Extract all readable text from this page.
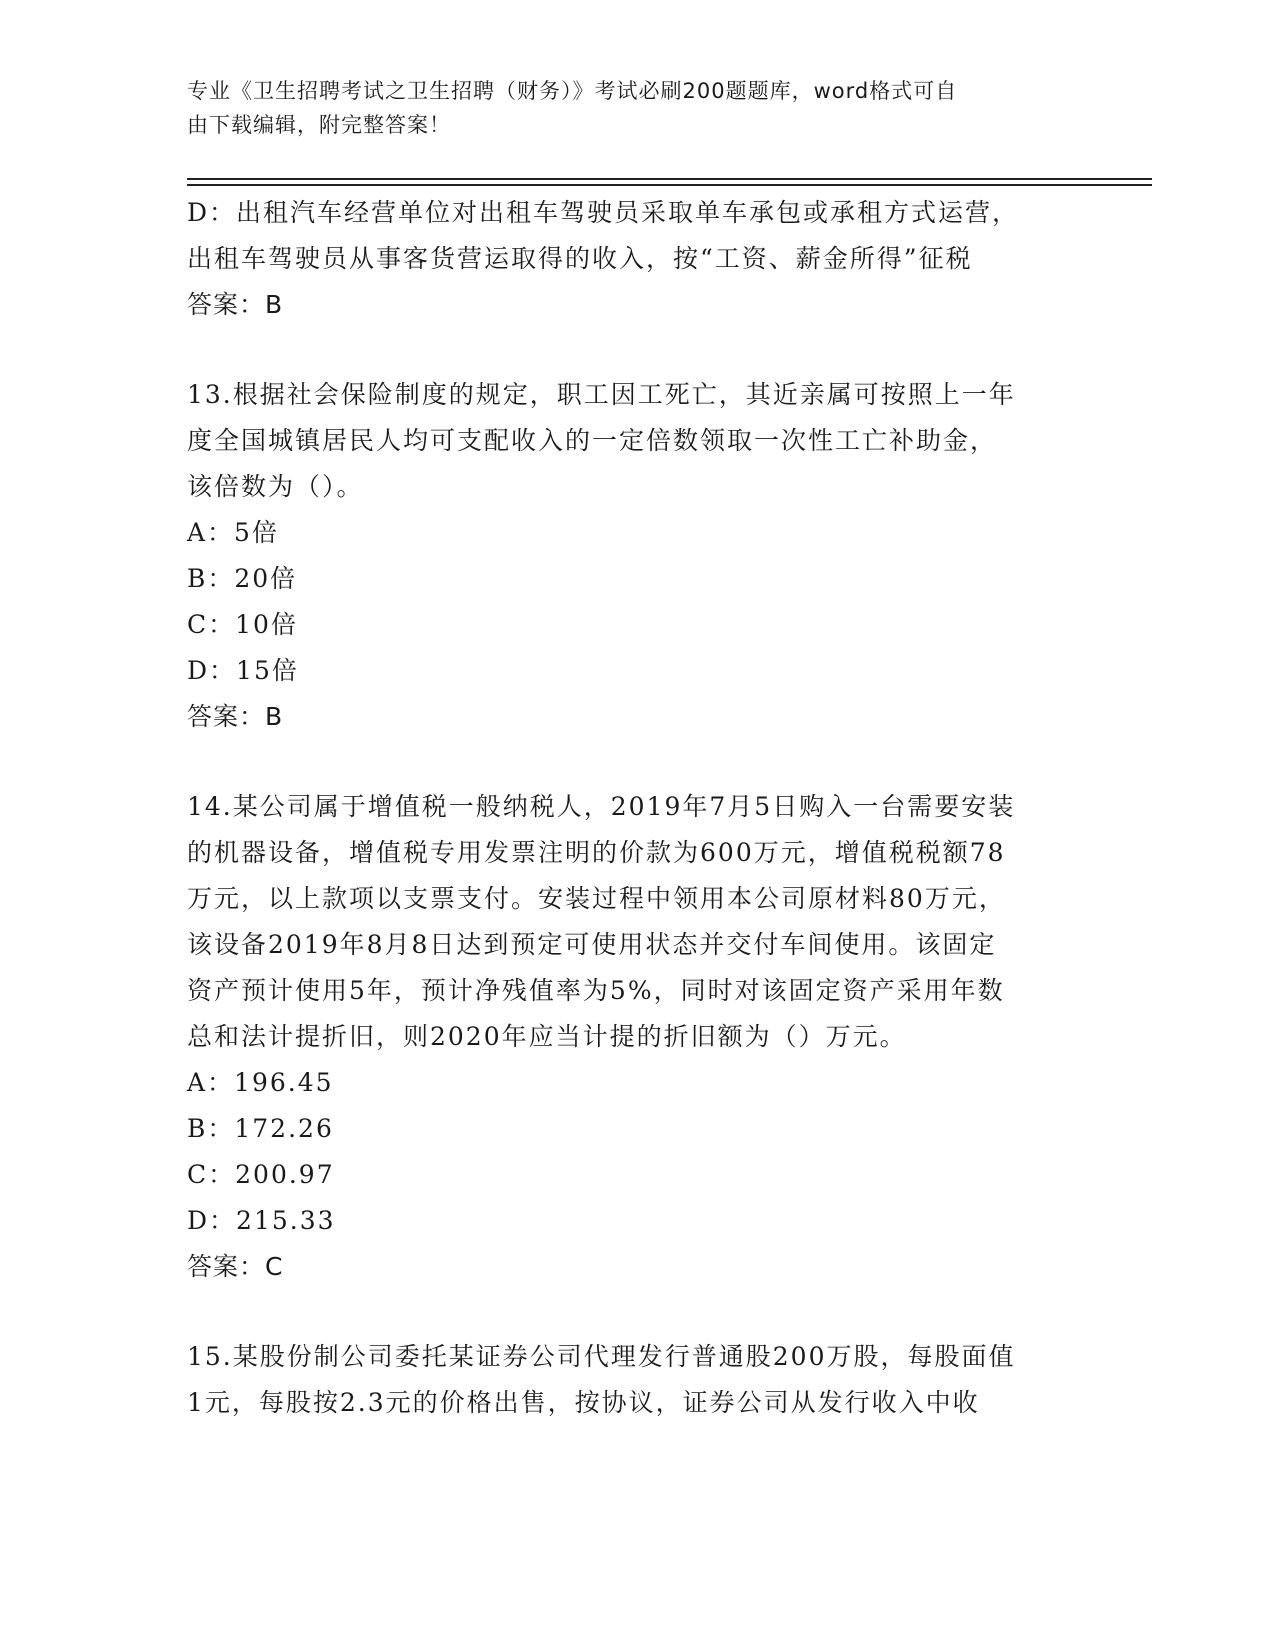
专业《卫生招聘考试之卫生招聘（财务）》考试必刷200题题库，word格式可自
由下载编辑，附完整答案！
D：出租汽车经营单位对出租车驾驶员采取单车承包或承租方式运营，
出租车驾驶员从事客货营运取得的收入，按“工资、薪金所得”征税
答案：B
13.根据社会保险制度的规定，职工因工死亡，其近亲属可按照上一年
度全国城镇居民人均可支配收入的一定倍数领取一次性工亡补助金，
该倍数为（）。
A：5倍
B：20倍
C：10倍
D：15倍
答案：B
14.某公司属于增值税一般纳税人，2019年7月5日购入一台需要安装
的机器设备，增值税专用发票注明的价款为600万元，增值税税额78
万元，以上款项以支票支付。安装过程中领用本公司原材料80万元，
该设备2019年8月8日达到预定可使用状态并交付车间使用。该固定
资产预计使用5年，预计净残值率为5%，同时对该固定资产采用年数
总和法计提折旧，则2020年应当计提的折旧额为（）万元。
A：196.45
B：172.26
C：200.97
D：215.33
答案：C
15.某股份制公司委托某证券公司代理发行普通股200万股，每股面值
1元，每股按2.3元的价格出售，按协议，证券公司从发行收入中收
